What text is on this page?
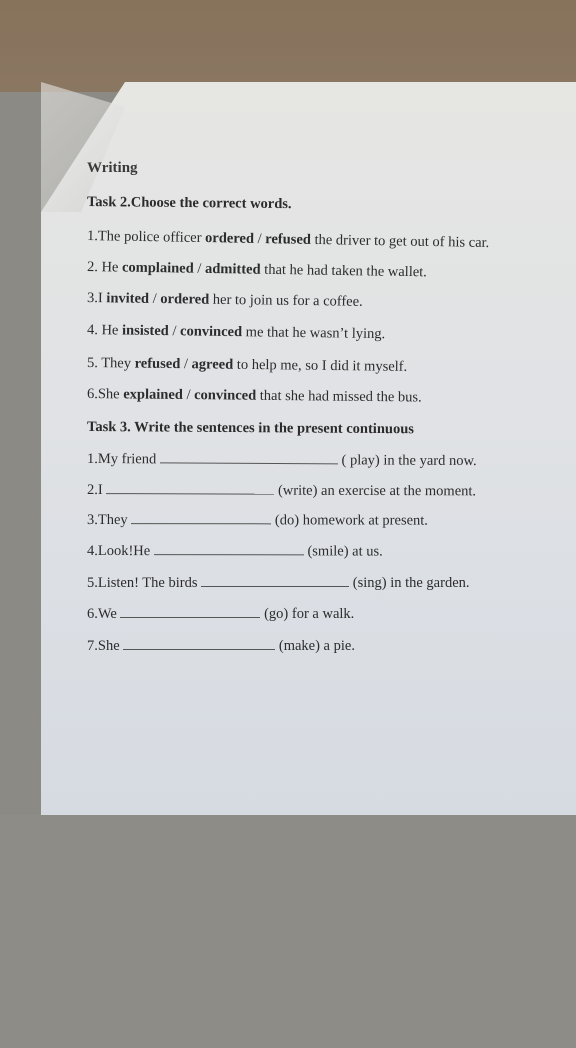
Writing
Task 2.Choose the correct words.
1.The police officer ordered / refused the driver to get out of his car.
2. He complained / admitted that he had taken the wallet.
3.I invited / ordered her to join us for a coffee.
4. He insisted / convinced me that he wasn’t lying.
5. They refused / agreed to help me, so I did it myself.
6.She explained / convinced that she had missed the bus.
Task 3. Write the sentences in the present continuous
1.My friend	( play) in the yard now.
2.I	(write) an exercise at the moment.
3.They	(do) homework at present.
4.Look!He	(smile) at us.
5.Listen! The birds	(sing) in the garden.
6.We	(go) for a walk.
7.She	(make) a pie.
